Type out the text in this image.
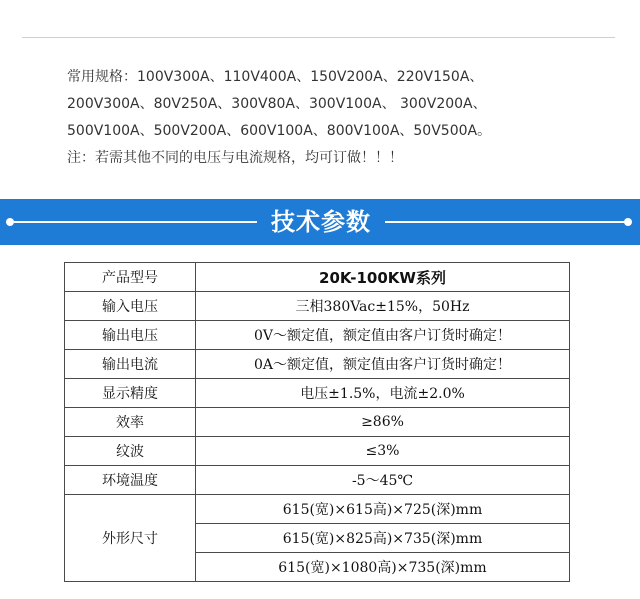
常用规格：100V300A、110V400A、150V200A、220V150A、
200V300A、80V250A、300V80A、300V100A、 300V200A、
500V100A、500V200A、600V100A、800V100A、50V500A。
注：若需其他不同的电压与电流规格，均可订做！！！
技术参数
产品型号	20K-100KW系列
输入电压	三相380Vac±15%，50Hz
输出电压	0V～额定值，额定值由客户订货时确定！
输出电流	0A～额定值，额定值由客户订货时确定！
显示精度	电压±1.5%，电流±2.0%
效率	≥86%
纹波	≤3%
环境温度	-5～45℃
外形尺寸	615(宽)×615高)×725(深)mm
	615(宽)×825高)×735(深)mm
	615(宽)×1080高)×735(深)mm
